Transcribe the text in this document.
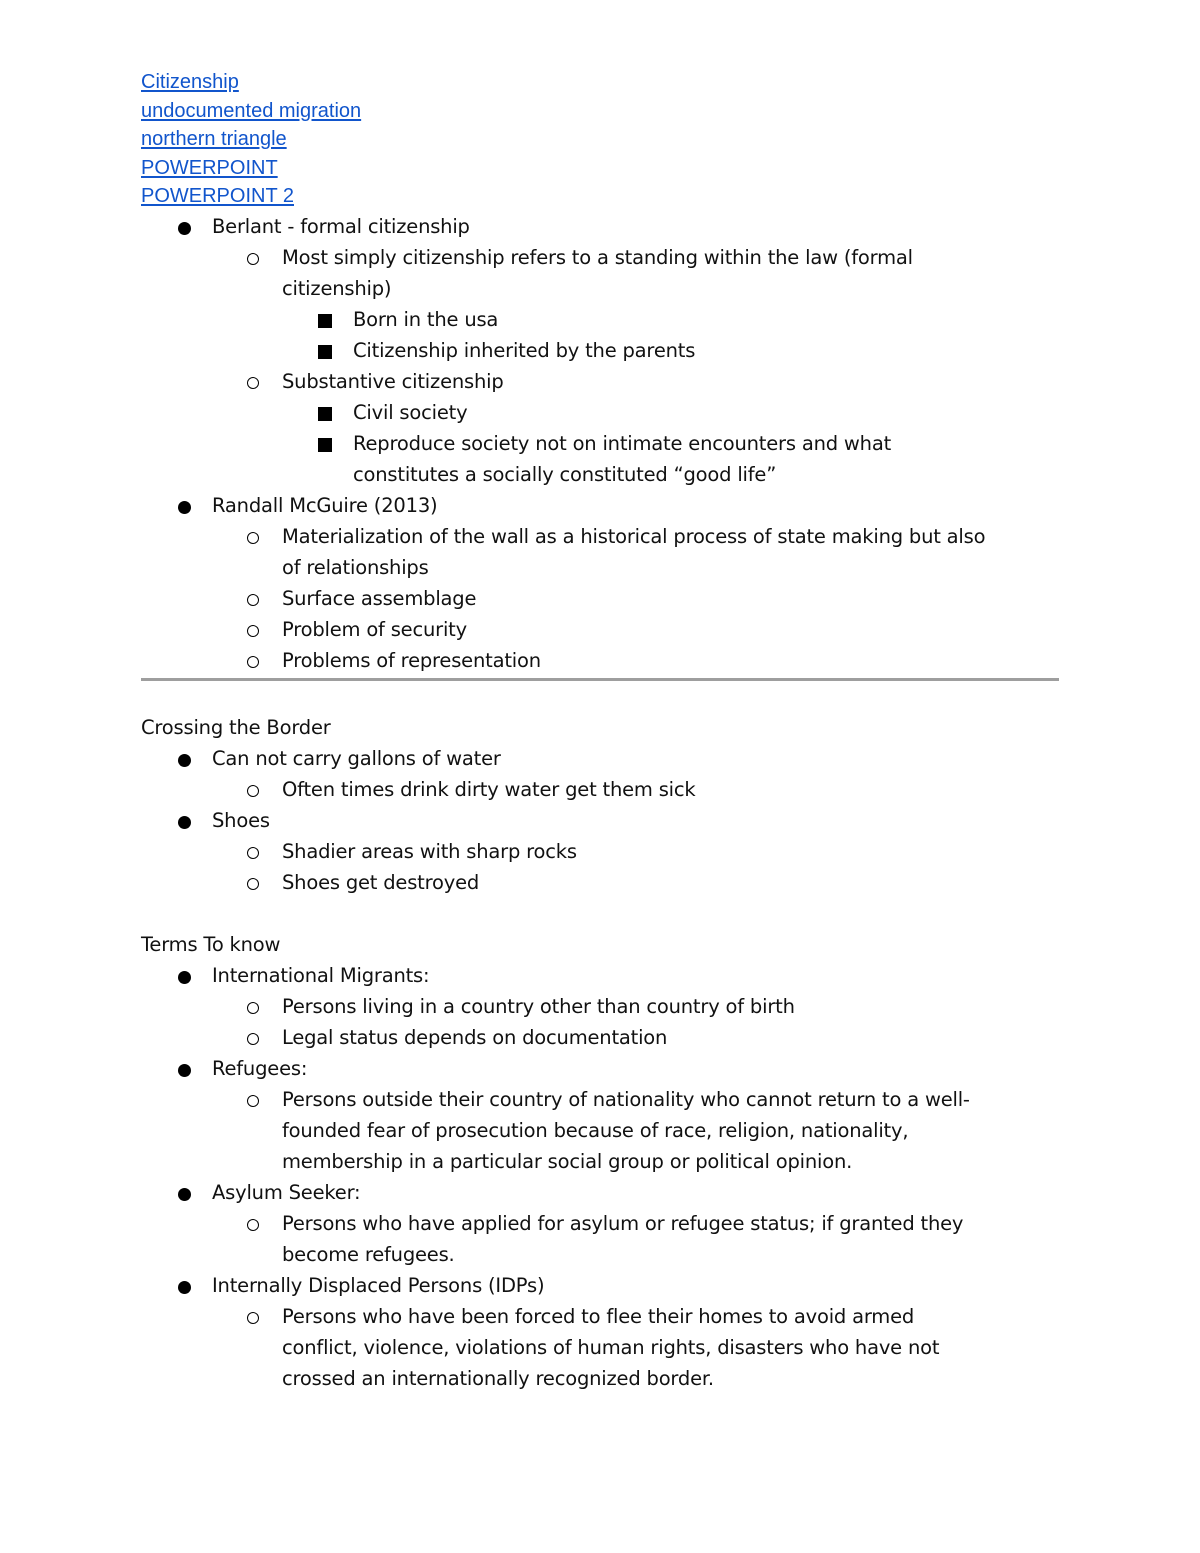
Citizenship
undocumented migration
northern triangle
POWERPOINT
POWERPOINT 2
Berlant - formal citizenship
Most simply citizenship refers to a standing within the law (formal
citizenship)
Born in the usa
Citizenship inherited by the parents
Substantive citizenship
Civil society
Reproduce society not on intimate encounters and what
constitutes a socially constituted “good life”
Randall McGuire (2013)
Materialization of the wall as a historical process of state making but also
of relationships
Surface assemblage
Problem of security
Problems of representation
Crossing the Border
Can not carry gallons of water
Often times drink dirty water get them sick
Shoes
Shadier areas with sharp rocks
Shoes get destroyed
Terms To know
International Migrants:
Persons living in a country other than country of birth
Legal status depends on documentation
Refugees:
Persons outside their country of nationality who cannot return to a well-
founded fear of prosecution because of race, religion, nationality,
membership in a particular social group or political opinion.
Asylum Seeker:
Persons who have applied for asylum or refugee status; if granted they
become refugees.
Internally Displaced Persons (IDPs)
Persons who have been forced to flee their homes to avoid armed
conflict, violence, violations of human rights, disasters who have not
crossed an internationally recognized border.
